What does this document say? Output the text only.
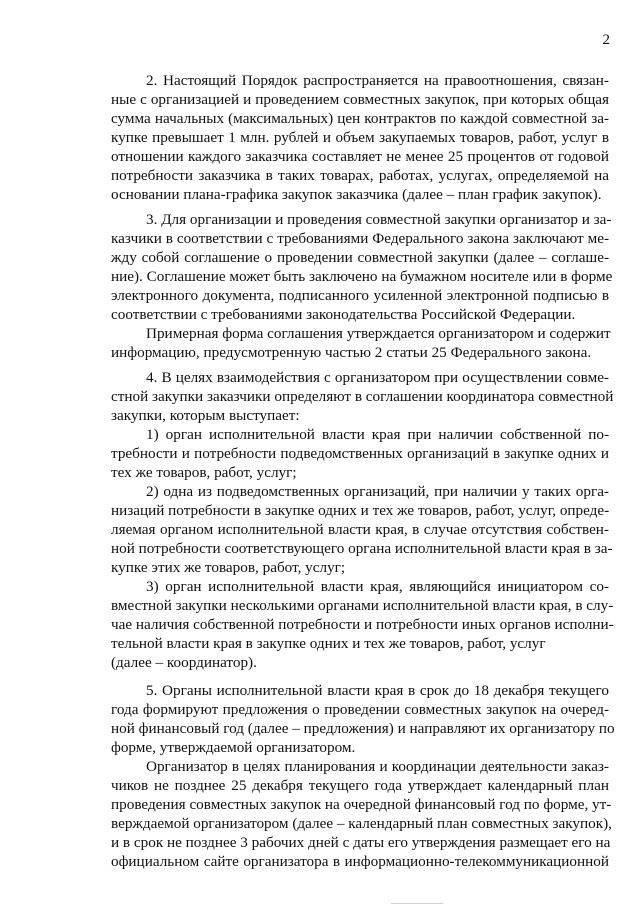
2
2. Настоящий Порядок распространяется на правоотношения, связан-
ные с организацией и проведением совместных закупок, при которых общая
сумма начальных (максимальных) цен контрактов по каждой совместной за-
купке превышает 1 млн. рублей и объем закупаемых товаров, работ, услуг в
отношении каждого заказчика составляет не менее 25 процентов от годовой
потребности заказчика в таких товарах, работах, услугах, определяемой на
основании плана-графика закупок заказчика (далее – план график закупок).
3. Для организации и проведения совместной закупки организатор и за-
казчики в соответствии с требованиями Федерального закона заключают ме-
жду собой соглашение о проведении совместной закупки (далее – соглаше-
ние). Соглашение может быть заключено на бумажном носителе или в форме
электронного документа, подписанного усиленной электронной подписью в
соответствии с требованиями законодательства Российской Федерации.
Примерная форма соглашения утверждается организатором и содержит
информацию, предусмотренную частью 2 статьи 25 Федерального закона.
4. В целях взаимодействия с организатором при осуществлении совме-
стной закупки заказчики определяют в соглашении координатора совместной
закупки, которым выступает:
1) орган исполнительной власти края при наличии собственной по-
требности и потребности подведомственных организаций в закупке одних и
тех же товаров, работ, услуг;
2) одна из подведомственных организаций, при наличии у таких орга-
низаций потребности в закупке одних и тех же товаров, работ, услуг, опреде-
ляемая органом исполнительной власти края, в случае отсутствия собствен-
ной потребности соответствующего органа исполнительной власти края в за-
купке этих же товаров, работ, услуг;
3) орган исполнительной власти края, являющийся инициатором со-
вместной закупки несколькими органами исполнительной власти края, в слу-
чае наличия собственной потребности и потребности иных органов исполни-
тельной власти края в закупке одних и тех же товаров, работ, услуг
(далее – координатор).
5. Органы исполнительной власти края в срок до 18 декабря текущего
года формируют предложения о проведении совместных закупок на очеред-
ной финансовый год (далее – предложения) и направляют их организатору по
форме, утверждаемой организатором.
Организатор в целях планирования и координации деятельности заказ-
чиков не позднее 25 декабря текущего года утверждает календарный план
проведения совместных закупок на очередной финансовый год по форме, ут-
верждаемой организатором (далее – календарный план совместных закупок),
и в срок не позднее 3 рабочих дней с даты его утверждения размещает его на
официальном сайте организатора в информационно-телекоммуникационной
